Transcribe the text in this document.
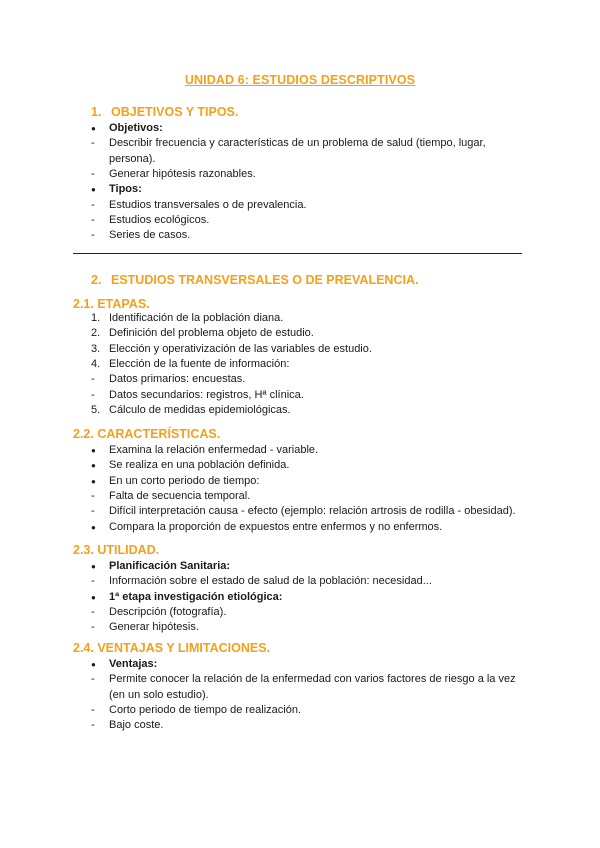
UNIDAD 6: ESTUDIOS DESCRIPTIVOS
1. OBJETIVOS Y TIPOS.
● Objetivos:
- Describir frecuencia y características de un problema de salud (tiempo, lugar,
persona).
- Generar hipótesis razonables.
● Tipos:
- Estudios transversales o de prevalencia.
- Estudios ecológicos.
- Series de casos.
2. ESTUDIOS TRANSVERSALES O DE PREVALENCIA.
2.1. ETAPAS.
1. Identificación de la población diana.
2. Definición del problema objeto de estudio.
3. Elección y operativización de las variables de estudio.
4. Elección de la fuente de información:
- Datos primarios: encuestas.
- Datos secundarios: registros, Hª clínica.
5. Cálculo de medidas epidemiológicas.
2.2. CARACTERÍSTICAS.
● Examina la relación enfermedad - variable.
● Se realiza en una población definida.
● En un corto periodo de tiempo:
- Falta de secuencia temporal.
- Difícil interpretación causa - efecto (ejemplo: relación artrosis de rodilla - obesidad).
● Compara la proporción de expuestos entre enfermos y no enfermos.
2.3. UTILIDAD.
● Planificación Sanitaria:
- Información sobre el estado de salud de la población: necesidad...
● 1ª etapa investigación etiológica:
- Descripción (fotografía).
- Generar hipótesis.
2.4. VENTAJAS Y LIMITACIONES.
● Ventajas:
- Permite conocer la relación de la enfermedad con varios factores de riesgo a la vez
(en un solo estudio).
- Corto periodo de tiempo de realización.
- Bajo coste.
